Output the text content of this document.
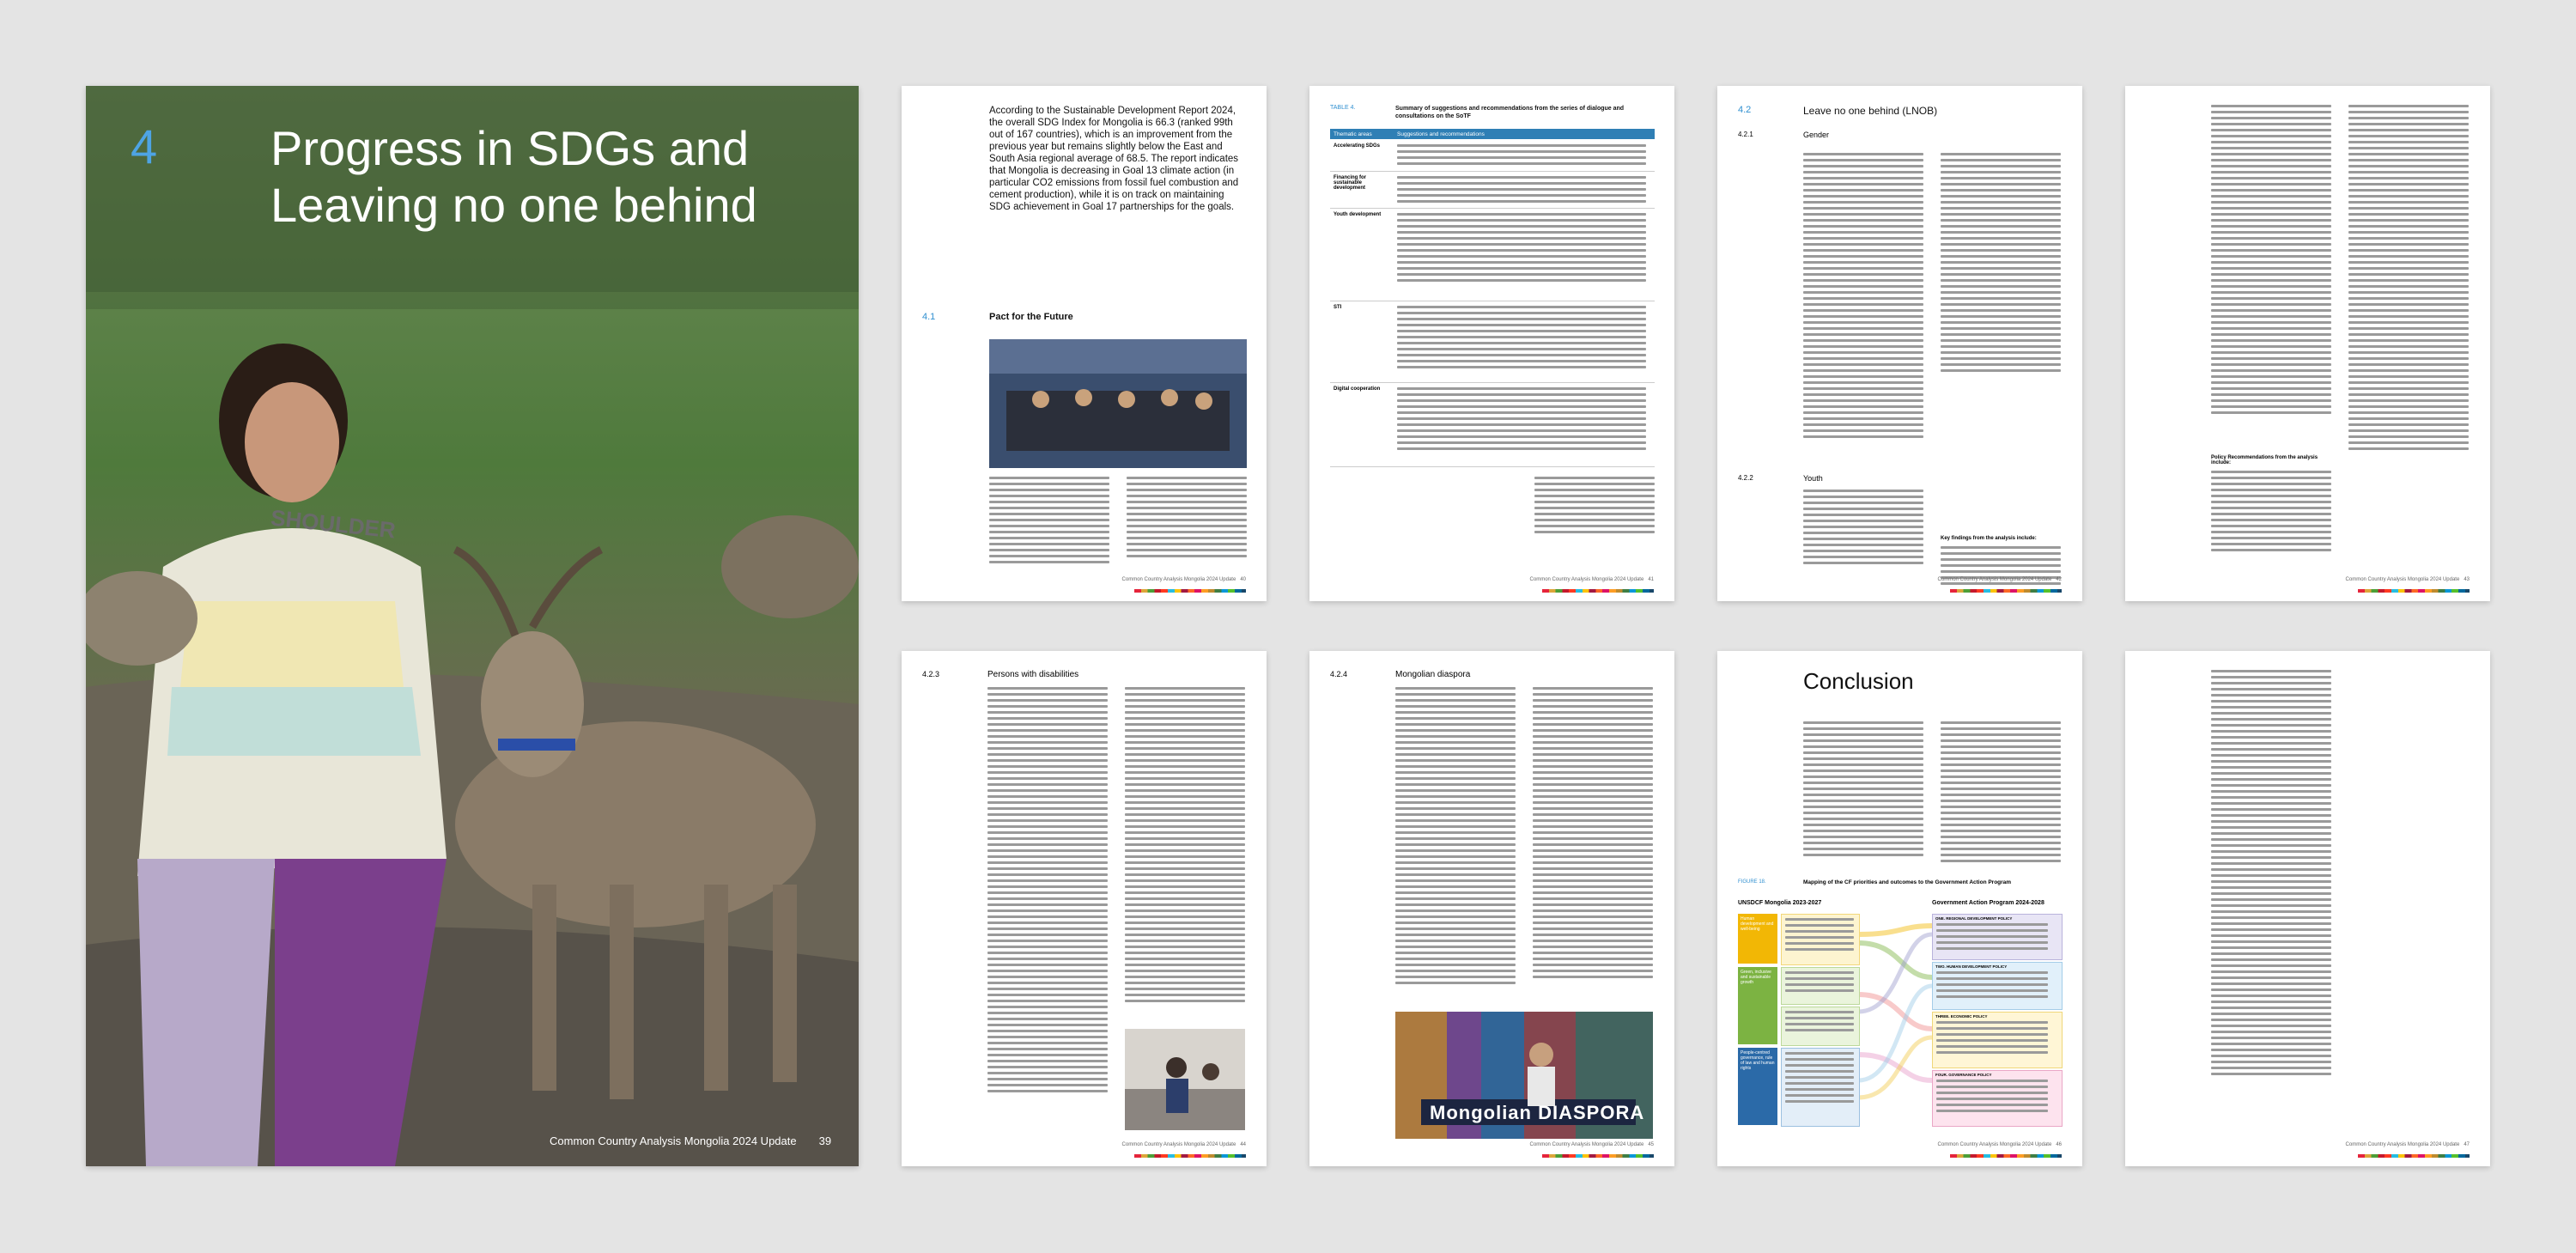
4 Progress in SDGs and
Leaving no one behind
SHOULDER
Common Country Analysis Mongolia 2024 Update 39
According to the Sustainable Development Report 2024, the overall SDG Index for Mongolia is 66.3 (ranked 99th out of 167 countries), which is an improvement from the previous year but remains slightly below the East and South Asia regional average of 68.5. The report indicates that Mongolia is decreasing in Goal 13 climate action (in particular CO2 emissions from fossil fuel combustion and cement production), while it is on track on maintaining SDG achievement in Goal 17 partnerships for the goals.
4.1	Pact for the Future
Common Country Analysis Mongolia 2024 Update 40
TABLE 4.	Summary of suggestions and recommendations from the series of dialogue and consultations on the SoTF
Thematic areas	Suggestions and recommendations
Accelerating SDGs
Financing for sustainable development
Youth development
STI
Digital cooperation
Common Country Analysis Mongolia 2024 Update 41
4.2	Leave no one behind (LNOB)
4.2.1	Gender
4.2.2	Youth
Key findings from the analysis include:
Common Country Analysis Mongolia 2024 Update 42
Policy Recommendations from the analysis include:
Common Country Analysis Mongolia 2024 Update 43
4.2.3	Persons with disabilities
Common Country Analysis Mongolia 2024 Update 44
4.2.4	Mongolian diaspora
Mongolian DIASPORA
Common Country Analysis Mongolia 2024 Update 45
Conclusion
FIGURE 18.	Mapping of the CF priorities and outcomes to the Government Action Program
UNSDCF Mongolia 2023-2027	Government Action Program 2024-2028
Human development and well-being
Green, inclusive and sustainable growth
People-centred governance, rule of law and human rights
ONE. REGIONAL DEVELOPMENT POLICY
TWO. HUMAN DEVELOPMENT POLICY
THREE. ECONOMIC POLICY
FOUR. GOVERNANCE POLICY
Common Country Analysis Mongolia 2024 Update 46	Common Country Analysis Mongolia 2024 Update 47
